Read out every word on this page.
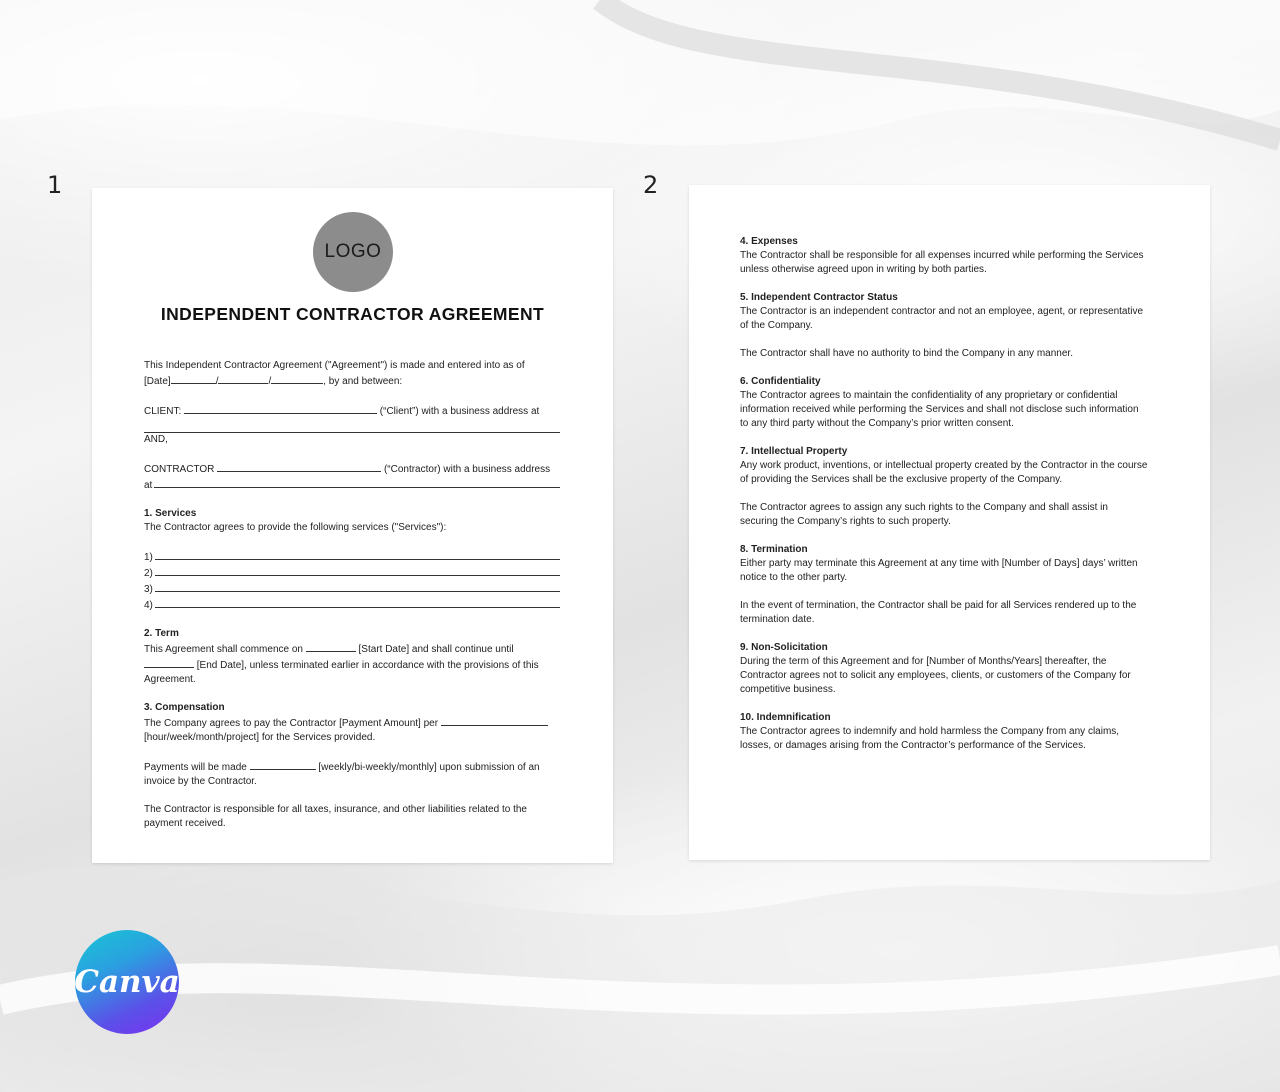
1	2
LOGO
INDEPENDENT CONTRACTOR AGREEMENT

This Independent Contractor Agreement ("Agreement") is made and entered into as of

[Date]	/	/	, by and between:

CLIENT:	(“Client”) with a business address at

AND,

CONTRACTOR	(“Contractor) with a business address

at

1. Services

The Contractor agrees to provide the following services ("Services"):

1)
2)
3)
4)

2. Term

This Agreement shall commence on	[Start Date] and shall continue until

[End Date], unless terminated earlier in accordance with the provisions of this

Agreement.

3. Compensation

The Company agrees to pay the Contractor [Payment Amount] per

[hour/week/month/project] for the Services provided.

Payments will be made	[weekly/bi-weekly/monthly] upon submission of an

invoice by the Contractor.

The Contractor is responsible for all taxes, insurance, and other liabilities related to the

payment received.

4. Expenses

The Contractor shall be responsible for all expenses incurred while performing the Services

unless otherwise agreed upon in writing by both parties.

5. Independent Contractor Status

The Contractor is an independent contractor and not an employee, agent, or representative

of the Company.

The Contractor shall have no authority to bind the Company in any manner.

6. Confidentiality

The Contractor agrees to maintain the confidentiality of any proprietary or confidential

information received while performing the Services and shall not disclose such information

to any third party without the Company’s prior written consent.

7. Intellectual Property

Any work product, inventions, or intellectual property created by the Contractor in the course

of providing the Services shall be the exclusive property of the Company.

The Contractor agrees to assign any such rights to the Company and shall assist in

securing the Company’s rights to such property.

8. Termination

Either party may terminate this Agreement at any time with [Number of Days] days’ written

notice to the other party.

In the event of termination, the Contractor shall be paid for all Services rendered up to the

termination date.

9. Non-Solicitation

During the term of this Agreement and for [Number of Months/Years] thereafter, the

Contractor agrees not to solicit any employees, clients, or customers of the Company for

competitive business.

10. Indemnification

The Contractor agrees to indemnify and hold harmless the Company from any claims,

losses, or damages arising from the Contractor’s performance of the Services.

Canva
